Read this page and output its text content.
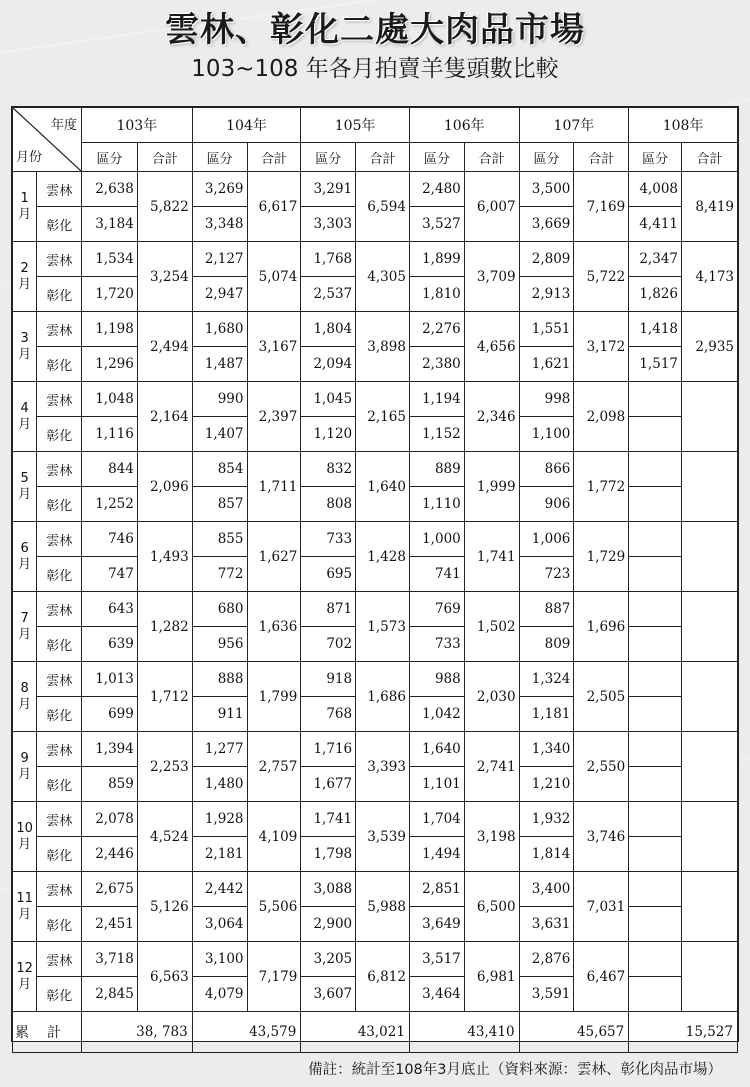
雲林、彰化二處大肉品市場
103~108 年各月拍賣羊隻頭數比較
年度
月份		103年		104年		105年		106年		107年		108年	
		區分	合計	區分	合計	區分	合計	區分	合計	區分	合計	區分	合計

1
月	雲林	2,638	5,822	3,269	6,617	3,291	6,594	2,480	6,007	3,500	7,169	4,008	8,419
	彰化	3,184		3,348		3,303		3,527		3,669		4,411	

2
月	雲林	1,534	3,254	2,127	5,074	1,768	4,305	1,899	3,709	2,809	5,722	2,347	4,173
	彰化	1,720		2,947		2,537		1,810		2,913		1,826	

3
月	雲林	1,198	2,494	1,680	3,167	1,804	3,898	2,276	4,656	1,551	3,172	1,418	2,935
	彰化	1,296		1,487		2,094		2,380		1,621		1,517	

4
月	雲林	1,048	2,164	990	2,397	1,045	2,165	1,194	2,346	998	2,098		
	彰化	1,116		1,407		1,120		1,152		1,100			

5
月	雲林	844	2,096	854	1,711	832	1,640	889	1,999	866	1,772		
	彰化	1,252		857		808		1,110		906			

6
月	雲林	746	1,493	855	1,627	733	1,428	1,000	1,741	1,006	1,729		
	彰化	747		772		695		741		723			

7
月	雲林	643	1,282	680	1,636	871	1,573	769	1,502	887	1,696		
	彰化	639		956		702		733		809			

8
月	雲林	1,013	1,712	888	1,799	918	1,686	988	2,030	1,324	2,505		
	彰化	699		911		768		1,042		1,181			

9
月	雲林	1,394	2,253	1,277	2,757	1,716	3,393	1,640	2,741	1,340	2,550		
	彰化	859		1,480		1,677		1,101		1,210			

10
月	雲林	2,078	4,524	1,928	4,109	1,741	3,539	1,704	3,198	1,932	3,746		
	彰化	2,446		2,181		1,798		1,494		1,814			

11
月	雲林	2,675	5,126	2,442	5,506	3,088	5,988	2,851	6,500	3,400	7,031		
	彰化	2,451		3,064		2,900		3,649		3,631			

12
月	雲林	3,718	6,563	3,100	7,179	3,205	6,812	3,517	6,981	2,876	6,467		
	彰化	2,845		4,079		3,607		3,464		3,591			
累計		38, 783		43,579		43,021		43,410		45,657		15,527	
備註：統計至108年3月底止（資料來源：雲林、彰化肉品市場）
